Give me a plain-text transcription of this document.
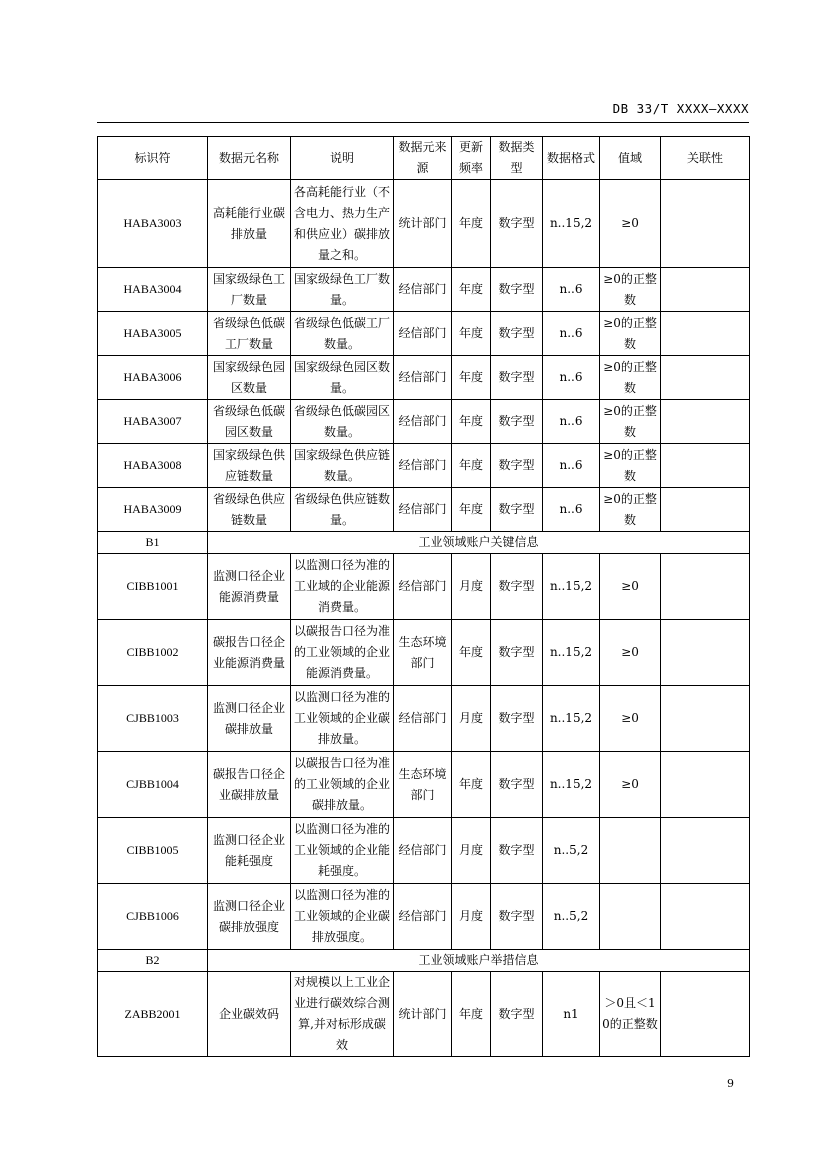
DB 33/T XXXX—XXXX
标识符	数据元名称	说明	数据元来源	更新频率	数据类型	数据格式	值域	关联性
HABA3003	高耗能行业碳排放量	各高耗能行业（不含电力、热力生产和供应业）碳排放量之和。	统计部门	年度	数字型	n..15,2	≥0	
HABA3004	国家级绿色工厂数量	国家级绿色工厂数量。	经信部门	年度	数字型	n..6	≥0的正整数	
HABA3005	省级绿色低碳工厂数量	省级绿色低碳工厂数量。	经信部门	年度	数字型	n..6	≥0的正整数	
HABA3006	国家级绿色园区数量	国家级绿色园区数量。	经信部门	年度	数字型	n..6	≥0的正整数	
HABA3007	省级绿色低碳园区数量	省级绿色低碳园区数量。	经信部门	年度	数字型	n..6	≥0的正整数	
HABA3008	国家级绿色供应链数量	国家级绿色供应链数量。	经信部门	年度	数字型	n..6	≥0的正整数	
HABA3009	省级绿色供应链数量	省级绿色供应链数量。	经信部门	年度	数字型	n..6	≥0的正整数	
B1	工业领域账户关键信息							
CIBB1001	监测口径企业能源消费量	以监测口径为准的工业域的企业能源消费量。	经信部门	月度	数字型	n..15,2	≥0	
CIBB1002	碳报告口径企业能源消费量	以碳报告口径为准的工业领域的企业能源消费量。	生态环境部门	年度	数字型	n..15,2	≥0	
CJBB1003	监测口径企业碳排放量	以监测口径为准的工业领域的企业碳排放量。	经信部门	月度	数字型	n..15,2	≥0	
CJBB1004	碳报告口径企业碳排放量	以碳报告口径为准的工业领域的企业碳排放量。	生态环境部门	年度	数字型	n..15,2	≥0	
CIBB1005	监测口径企业能耗强度	以监测口径为准的工业领域的企业能耗强度。	经信部门	月度	数字型	n..5,2		
CJBB1006	监测口径企业碳排放强度	以监测口径为准的工业领域的企业碳排放强度。	经信部门	月度	数字型	n..5,2		
B2	工业领域账户举措信息							
ZABB2001	企业碳效码	对规模以上工业企业进行碳效综合测算,并对标形成碳效	统计部门	年度	数字型	n1	＞0且＜10的正整数	
9
